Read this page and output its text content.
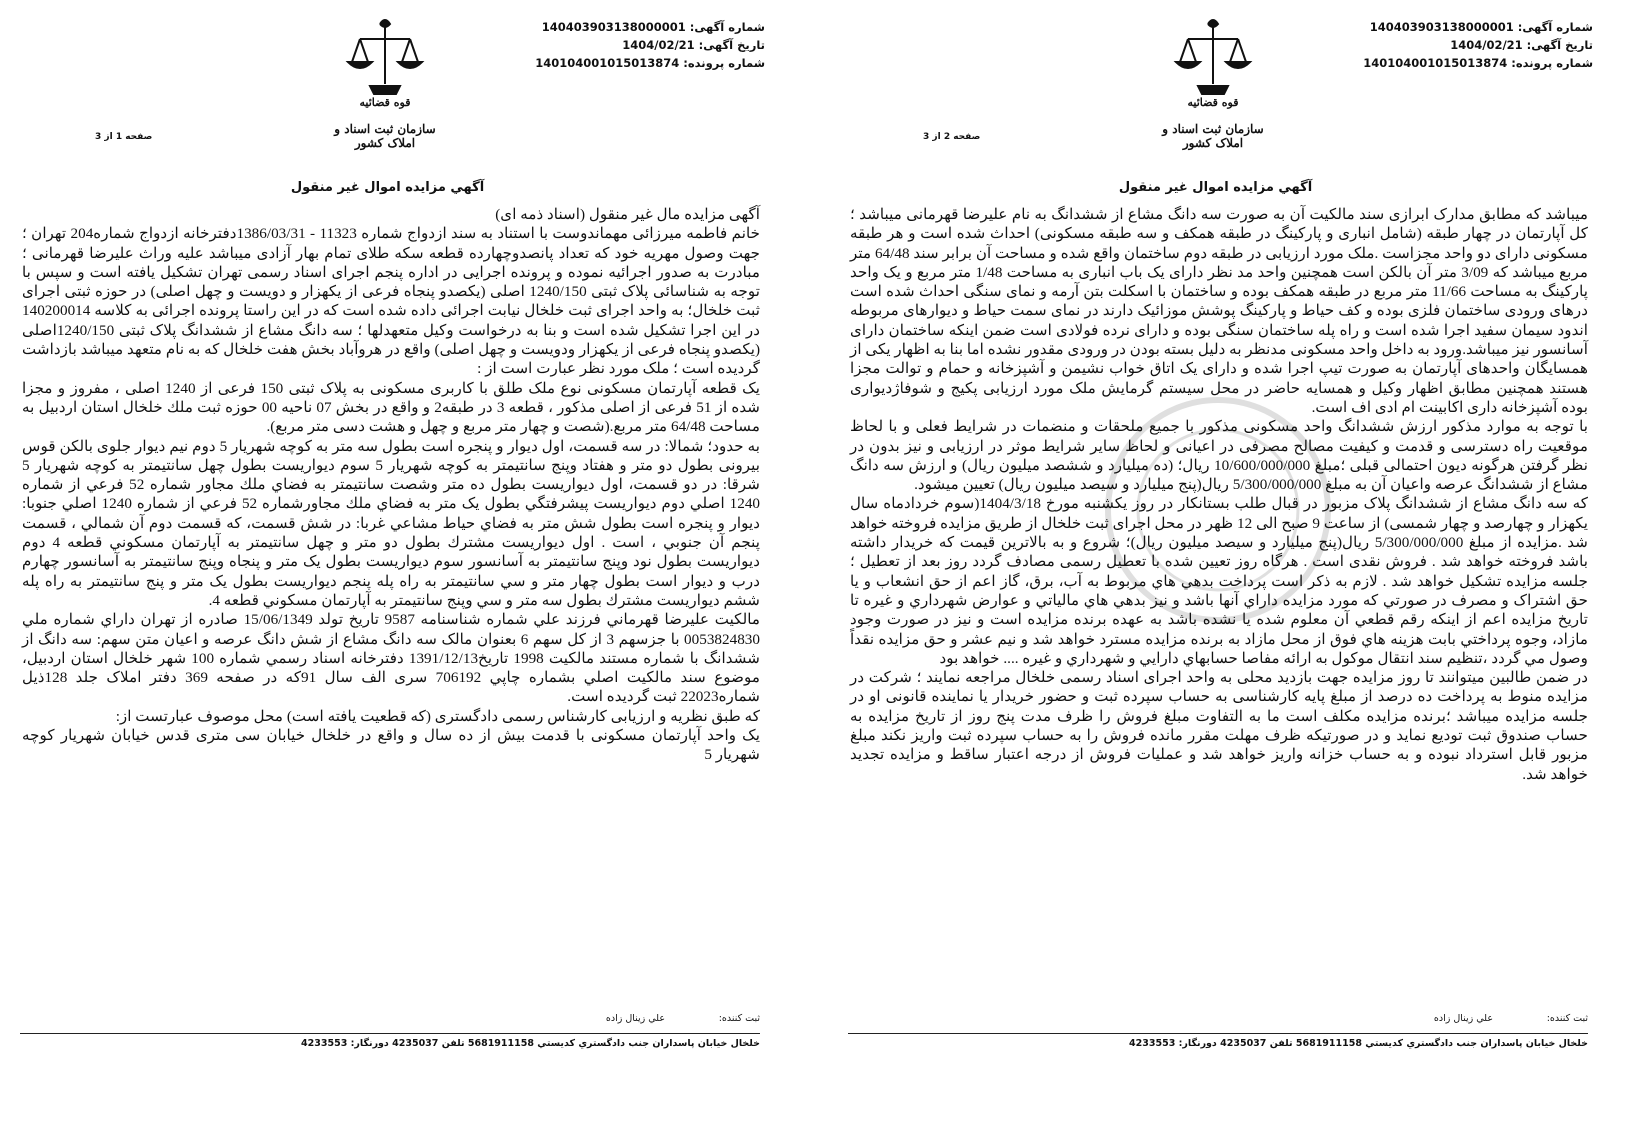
شماره آگهی:140403903138000001
تاریخ آگهی:1404/02/21
شماره پرونده:140104001015013874
قوه قضائیه
سازمان ثبت اسناد و املاک کشور
صفحه 1 از 3
آگهي مزايده اموال غير منقول

آگهی مزایده مال غیر منقول (اسناد ذمه ای)

خانم فاطمه میرزائی مهماندوست با استناد به سند ازدواج شماره 11323 - 1386/03/31دفترخانه ازدواج شماره204 تهران ؛ جهت وصول مهریه خود که تعداد پانصدوچهارده قطعه سکه طلای تمام بهار آزادی میباشد علیه وراث علیرضا قهرمانی ؛ مبادرت به صدور اجرائیه نموده و پرونده اجرایی در اداره پنجم اجرای اسناد رسمی تهران تشکیل یافته است و سپس با توجه به شناسائی پلاک ثبتی 1240/150 اصلی (یکصدو پنجاه فرعی از یکهزار و دویست و چهل اصلی) در حوزه ثبتی اجرای ثبت خلخال؛ به واحد اجرای ثبت خلخال نیابت اجرائی داده شده است که در این راستا پرونده اجرائی به کلاسه 140200014 در این اجرا تشکیل شده است و بنا به درخواست وکیل متعهدلها ؛ سه دانگ مشاع از ششدانگ پلاک ثبتی 1240/150اصلی (یکصدو پنجاه فرعی از یکهزار ودویست و چهل اصلی) واقع در هروآباد بخش هفت خلخال که به نام متعهد میباشد بازداشت گردیده است ؛ ملک مورد نظر عبارت است از :

یک قطعه آپارتمان مسکونی نوع ملک طلق با کاربری مسکونی به پلاک ثبتی 150 فرعی از 1240 اصلی ، مفروز و مجزا شده از 51 فرعی از اصلی مذکور ، قطعه 3 در طبقه2 و واقع در بخش 07 ناحیه 00 حوزه ثبت ملك خلخال استان اردبیل به مساحت 64/48 متر مربع.(شصت و چهار متر مربع و چهل و هشت دسی متر مربع).

به حدود؛ شمالا: در سه قسمت، اول دیوار و پنجره است بطول سه متر به کوچه شهریار 5 دوم نیم دیوار جلوی بالکن قوس بیرونی بطول دو متر و هفتاد وپنج سانتیمتر به کوچه شهریار 5 سوم دیواریست بطول چهل سانتیمتر به کوچه شهریار 5 شرقا: در دو قسمت، اول دیواریست بطول ده متر وشصت سانتیمتر به فضاي ملك مجاور شماره 52 فرعي از شماره 1240 اصلي دوم دیواریست پیشرفتگي بطول یک متر به فضاي ملك مجاورشماره 52 فرعي از شماره 1240 اصلي جنوبا: دیوار و پنجره است بطول شش متر به فضاي حیاط مشاعي غربا: در شش قسمت، كه قسمت دوم آن شمالي ، قسمت پنجم آن جنوبي ، است . اول دیواریست مشترك بطول دو متر و چهل سانتیمتر به آپارتمان مسکوني قطعه 4 دوم دیواریست بطول نود وپنج سانتیمتر به آسانسور سوم دیواریست بطول یک متر و پنجاه وپنج سانتیمتر به آسانسور چهارم درب و دیوار است بطول چهار متر و سي سانتیمتر به راه پله پنجم دیواریست بطول یک متر و پنج سانتیمتر به راه پله ششم دیواریست مشترك بطول سه متر و سي وپنج سانتیمتر به آپارتمان مسکوني قطعه 4.

مالکیت علیرضا قهرماني فرزند علي شماره شناسنامه 9587 تاریخ تولد 15/06/1349 صادره از تهران داراي شماره ملي 0053824830 با جزسهم 3 از کل سهم 6 بعنوان مالک سه دانگ مشاع از شش دانگ عرصه و اعیان متن سهم: سه دانگ از ششدانگ با شماره مستند مالکیت 1998 تاریخ1391/12/13 دفترخانه اسناد رسمي شماره 100 شهر خلخال استان اردبیل، موضوع سند مالکیت اصلي بشماره چاپي 706192 سری الف سال 91که در صفحه 369 دفتر املاک جلد 128ذیل شماره22023 ثبت گردیده است.

که طبق نظریه و ارزیابی کارشناس رسمی دادگستری (که قطعیت یافته است) محل موصوف عبارتست از:

یک واحد آپارتمان مسکونی با قدمت بیش از ده سال و واقع در خلخال خیابان سی متری قدس خیابان شهریار کوچه شهریار 5

ثبت کننده:
علي زينال زاده
خلخال خيابان پاسداران جنب دادگستري كديستي 5681911158 تلفن 4235037 دورنگار: 4233553
شماره آگهی:140403903138000001
تاریخ آگهی:1404/02/21
شماره پرونده:140104001015013874
قوه قضائیه
سازمان ثبت اسناد و املاک کشور
صفحه 2 از 3
آگهي مزايده اموال غير منقول

میباشد که مطابق مدارک ابرازی سند مالکیت آن به صورت سه دانگ مشاع از ششدانگ به نام علیرضا قهرمانی میباشد ؛کل آپارتمان در چهار طبقه (شامل انباری و پارکینگ در طبقه همکف و سه طبقه مسکونی) احداث شده است و هر طبقه مسکونی دارای دو واحد مجزاست .ملک مورد ارزیابی در طبقه دوم ساختمان واقع شده و مساحت آن برابر سند 64/48 متر مربع میباشد که 3/09 متر آن بالکن است همچنین واحد مد نظر دارای یک باب انباری به مساحت 1/48 متر مربع و یک واحد پارکینگ به مساحت 11/66 متر مربع در طبقه همکف بوده و ساختمان با اسکلت بتن آرمه و نمای سنگی احداث شده است درهای ورودی ساختمان فلزی بوده و کف حیاط و پارکینگ پوشش موزائیک دارند در نمای سمت حیاط و دیوارهای مربوطه اندود سیمان سفید اجرا شده است و راه پله ساختمان سنگی بوده و دارای نرده فولادی است ضمن اینکه ساختمان دارای آسانسور نیز میباشد.ورود به داخل واحد مسکونی مدنظر به دلیل بسته بودن در ورودی مقدور نشده اما بنا به اظهار یکی از همسایگان واحدهای آپارتمان به صورت تیپ اجرا شده و دارای یک اتاق خواب نشیمن و آشپزخانه و حمام و توالت مجزا هستند همچنین مطابق اظهار وکیل و همسایه حاضر در محل سیستم گرمایش ملک مورد ارزیابی پکیج و شوفاژدیواری بوده آشپزخانه داری اکابینت ام ادی اف است.

با توجه به موارد مذکور ارزش ششدانگ واحد مسکونی مذکور با جمیع ملحقات و منضمات در شرایط فعلی و با لحاظ موقعیت راه دسترسی و قدمت و کیفیت مصالح مصرفی در اعیانی و لحاظ سایر شرایط موثر در ارزیابی و نیز بدون در نظر گرفتن هرگونه دیون احتمالی قبلی ؛مبلغ 10/600/000/000 ریال؛ (ده میلیارد و ششصد میلیون ریال) و ارزش سه دانگ مشاع از ششدانگ عرصه واعیان آن به مبلغ 5/300/000/000 ریال(پنج میلیارد و سیصد میلیون ریال) تعیین میشود.

که سه دانگ مشاع از ششدانگ پلاک مزبور در قبال طلب بستانکار در روز یکشنبه مورخ 1404/3/18(سوم خردادماه سال یکهزار و چهارصد و چهار شمسی) از ساعت 9 صبح الی 12 ظهر در محل اجرای ثبت خلخال از طریق مزایده فروخته خواهد شد .مزایده از مبلغ 5/300/000/000 ریال(پنج میلیارد و سیصد میلیون ریال)؛ شروع و به بالاترین قیمت که خریدار داشته باشد فروخته خواهد شد . فروش نقدی است . هرگاه روز تعیین شده با تعطیل رسمی مصادف گردد روز بعد از تعطیل ؛جلسه مزایده تشکیل خواهد شد . لازم به ذکر است پرداخت بدهي هاي مربوط به آب، برق، گاز اعم از حق انشعاب و یا حق اشتراک و مصرف در صورتي که مورد مزایده داراي آنها باشد و نیز بدهي هاي مالیاتي و عوارض شهرداري و غیره تا تاریخ مزایده اعم از اینکه رقم قطعي آن معلوم شده یا نشده باشد به عهده برنده مزایده است و نیز در صورت وجود مازاد، وجوه پرداختي بابت هزینه هاي فوق از محل مازاد به برنده مزایده مسترد خواهد شد و نیم عشر و حق مزایده نقداً وصول مي گردد ،تنظیم سند انتقال موکول به ارائه مفاصا حسابهاي دارایي و شهرداري و غیره .... خواهد بود

در ضمن طالبین میتوانند تا روز مزایده جهت بازدید محلی به واحد اجرای اسناد رسمی خلخال مراجعه نمایند ؛ شرکت در مزایده منوط به پرداخت ده درصد از مبلغ پایه کارشناسی به حساب سپرده ثبت و حضور خریدار یا نماینده قانونی او در جلسه مزایده میباشد ؛برنده مزایده مکلف است ما به التفاوت مبلغ فروش را ظرف مدت پنج روز از تاریخ مزایده به حساب صندوق ثبت تودیع نماید و در صورتیکه ظرف مهلت مقرر مانده فروش را به حساب سپرده ثبت واریز نکند مبلغ مزبور قابل استرداد نبوده و به حساب خزانه واریز خواهد شد و عملیات فروش از درجه اعتبار ساقط و مزایده تجدید خواهد شد.

ثبت کننده:
علي زينال زاده
خلخال خيابان پاسداران جنب دادگستري كديستي 5681911158 تلفن 4235037 دورنگار: 4233553
